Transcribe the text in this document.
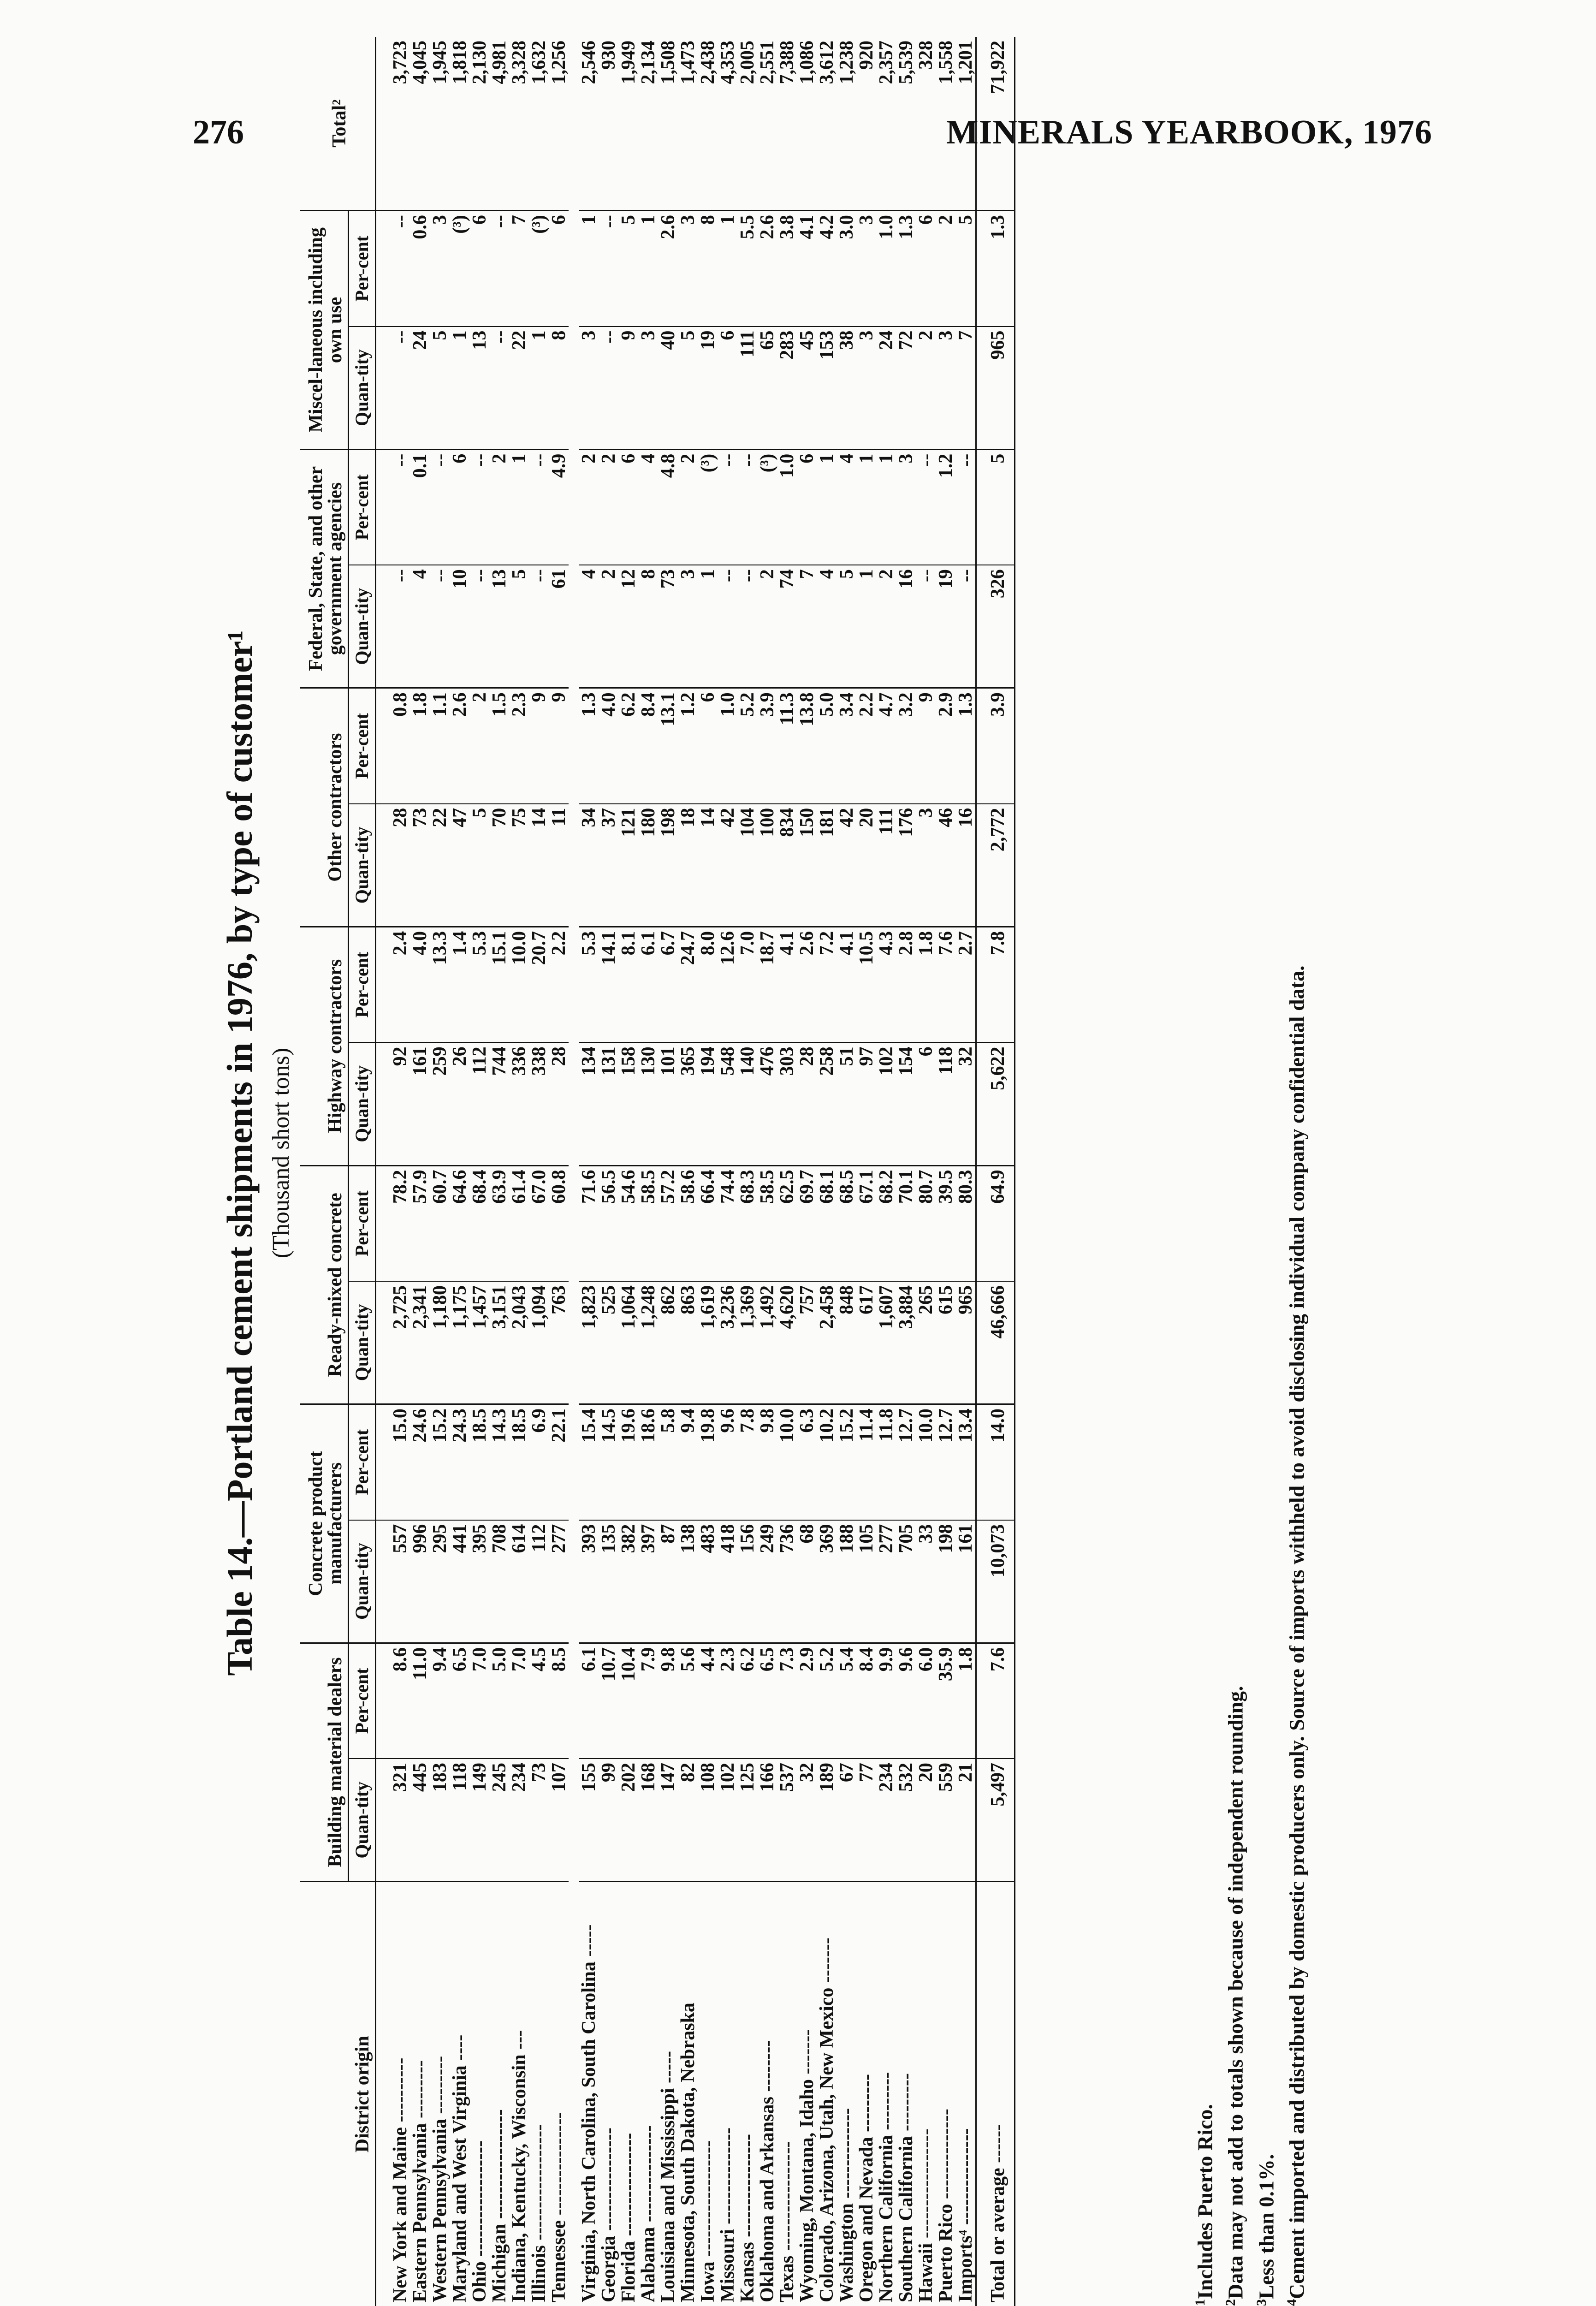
276	MINERALS YEARBOOK, 1976
Table 14.—Portland cement shipments in 1976, by type of customer¹ (Thousand short tons)
District origin	Building material dealers		Concrete product manufacturers		Ready-mixed concrete		Highway contractors		Other contractors		Federal, State, and other government agencies		Miscel-laneous including own use		Total²
	Quan-tity	Per-cent	Quan-tity	Per-cent	Quan-tity	Per-cent	Quan-tity	Per-cent	Quan-tity	Per-cent	Quan-tity	Per-cent	Quan-tity	Per-cent	
New York and Maine ----------	321	8.6	557	15.0	2,725	78.2	92	2.4	28	0.8	--	--	--	--	3,723
Eastern Pennsylvania ---------	445	11.0	996	24.6	2,341	57.9	161	4.0	73	1.8	4	0.1	24	0.6	4,045
Western Pennsylvania ---------	183	9.4	295	15.2	1,180	60.7	259	13.3	22	1.1	--	--	5	3	1,945
Maryland and West Virginia ----	118	6.5	441	24.3	1,175	64.6	26	1.4	47	2.6	10	6	1	(³)	1,818
Ohio ------------------	149	7.0	395	18.5	1,457	68.4	112	5.3	5	2	--	--	13	6	2,130
Michigan -----------------	245	5.0	708	14.3	3,151	63.9	744	15.1	70	1.5	13	2	--	--	4,981
Indiana, Kentucky, Wisconsin ---	234	7.0	614	18.5	2,043	61.4	336	10.0	75	2.3	5	1	22	7	3,328
Illinois ------------------	73	4.5	112	6.9	1,094	67.0	338	20.7	14	9	--	--	1	(³)	1,632
Tennessee ----------------	107	8.5	277	22.1	763	60.8	28	2.2	11	9	61	4.9	8	6	1,256

Virginia, North Carolina, South Carolina -----	155	6.1	393	15.4	1,823	71.6	134	5.3	34	1.3	4	2	3	1	2,546
Georgia ----------------	99	10.7	135	14.5	525	56.5	131	14.1	37	4.0	2	2	--	--	930
Florida ----------------	202	10.4	382	19.6	1,064	54.6	158	8.1	121	6.2	12	6	9	5	1,949
Alabama ---------------	168	7.9	397	18.6	1,248	58.5	130	6.1	180	8.4	8	4	3	1	2,134
Louisiana and Mississippi -----	147	9.8	87	5.8	862	57.2	101	6.7	198	13.1	73	4.8	40	2.6	1,508
Minnesota, South Dakota, Nebraska	82	5.6	138	9.4	863	58.6	365	24.7	18	1.2	3	2	5	3	1,473
Iowa ------------------	108	4.4	483	19.8	1,619	66.4	194	8.0	14	6	1	(³)	19	8	2,438
Missouri ---------------	102	2.3	418	9.6	3,236	74.4	548	12.6	42	1.0	--	--	6	1	4,353
Kansas ----------------	125	6.2	156	7.8	1,369	68.3	140	7.0	104	5.2	--	--	111	5.5	2,005
Oklahoma and Arkansas --------	166	6.5	249	9.8	1,492	58.5	476	18.7	100	3.9	2	(³)	65	2.6	2,551
Texas -----------------	537	7.3	736	10.0	4,620	62.5	303	4.1	834	11.3	74	1.0	283	3.8	7,388
Wyoming, Montana, Idaho -------	32	2.9	68	6.3	757	69.7	28	2.6	150	13.8	7	6	45	4.1	1,086
Colorado, Arizona, Utah, New Mexico -------	189	5.2	369	10.2	2,458	68.1	258	7.2	181	5.0	4	1	153	4.2	3,612
Washington --------------	67	5.4	188	15.2	848	68.5	51	4.1	42	3.4	5	4	38	3.0	1,238
Oregon and Nevada ---------	77	8.4	105	11.4	617	67.1	97	10.5	20	2.2	1	1	3	3	920
Northern California ---------	234	9.9	277	11.8	1,607	68.2	102	4.3	111	4.7	2	1	24	1.0	2,357
Southern California ---------	532	9.6	705	12.7	3,884	70.1	154	2.8	176	3.2	16	3	72	1.3	5,539
Hawaii -----------------	20	6.0	33	10.0	265	80.7	6	1.8	3	9	--	--	2	6	328
Puerto Rico --------------	559	35.9	198	12.7	615	39.5	118	7.6	46	2.9	19	1.2	3	2	1,558
Imports⁴ ---------------	21	1.8	161	13.4	965	80.3	32	2.7	16	1.3	--	--	7	5	1,201
Total or average ------	5,497	7.6	10,073	14.0	46,666	64.9	5,622	7.8	2,772	3.9	326	5	965	1.3	71,922
$^1$Includes Puerto Rico.
$^2$Data may not add to totals shown because of independent rounding.
$^3$Less than 0.1%.
$^4$Cement imported and distributed by domestic producers only. Source of imports withheld to avoid disclosing individual company confidential data.
